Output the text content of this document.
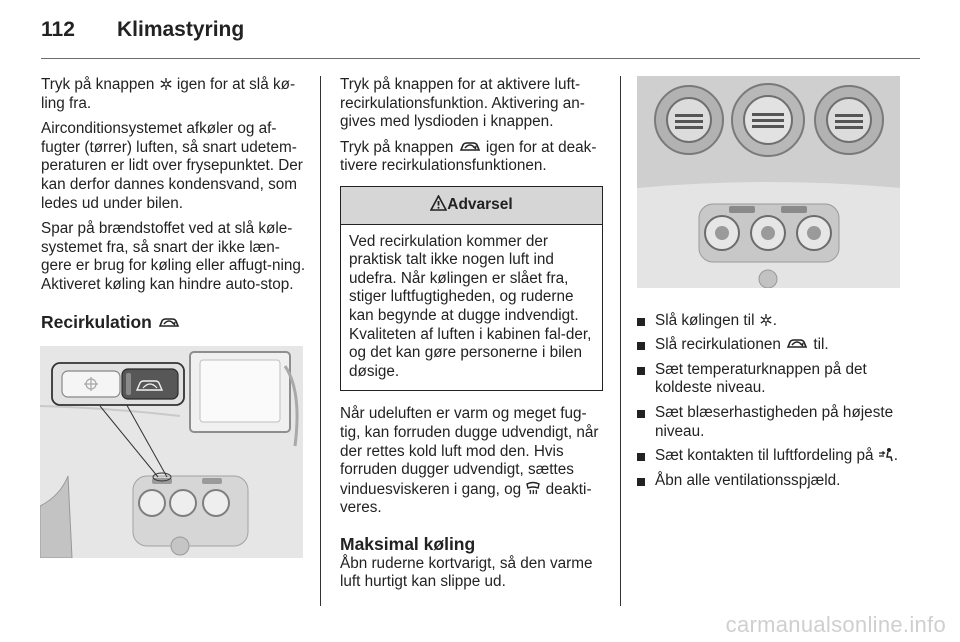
112 Klimastyring

Tryk på knappen igen for at slå kø-ling fra.

Airconditionsystemet afkøler og af-fugter (tørrer) luften, så snart udetem-peraturen er lidt over frysepunktet. Der kan derfor dannes kondensvand, som ledes ud under bilen.

Spar på brændstoffet ved at slå køle-systemet fra, så snart der ikke læn-gere er brug for køling eller affugt-ning. Aktiveret køling kan hindre auto-stop.

Recirkulation

Tryk på knappen for at aktivere luft-recirkulationsfunktion. Aktivering an-gives med lysdioden i knappen.

Tryk på knappen igen for at deak-tivere recirkulationsfunktionen.

Advarsel
Ved recirkulation kommer der praktisk talt ikke nogen luft ind udefra. Når kølingen er slået fra, stiger luftfugtigheden, og ruderne kan begynde at dugge indvendigt. Kvaliteten af luften i kabinen fal-der, og det kan gøre personerne i bilen døsige.

Når udeluften er varm og meget fug-tig, kan forruden dugge udvendigt, når der rettes kold luft mod den. Hvis forruden dugger udvendigt, sættes vinduesviskeren i gang, og deakti-veres.

Maksimal køling

Åbn ruderne kortvarigt, så den varme luft hurtigt kan slippe ud.

Slå kølingen til .
Slå recirkulationen til.
Sæt temperaturknappen på det koldeste niveau.
Sæt blæserhastigheden på højeste niveau.
Sæt kontakten til luftfordeling på .
Åbn alle ventilationsspjæld.
carmanualsonline.info
